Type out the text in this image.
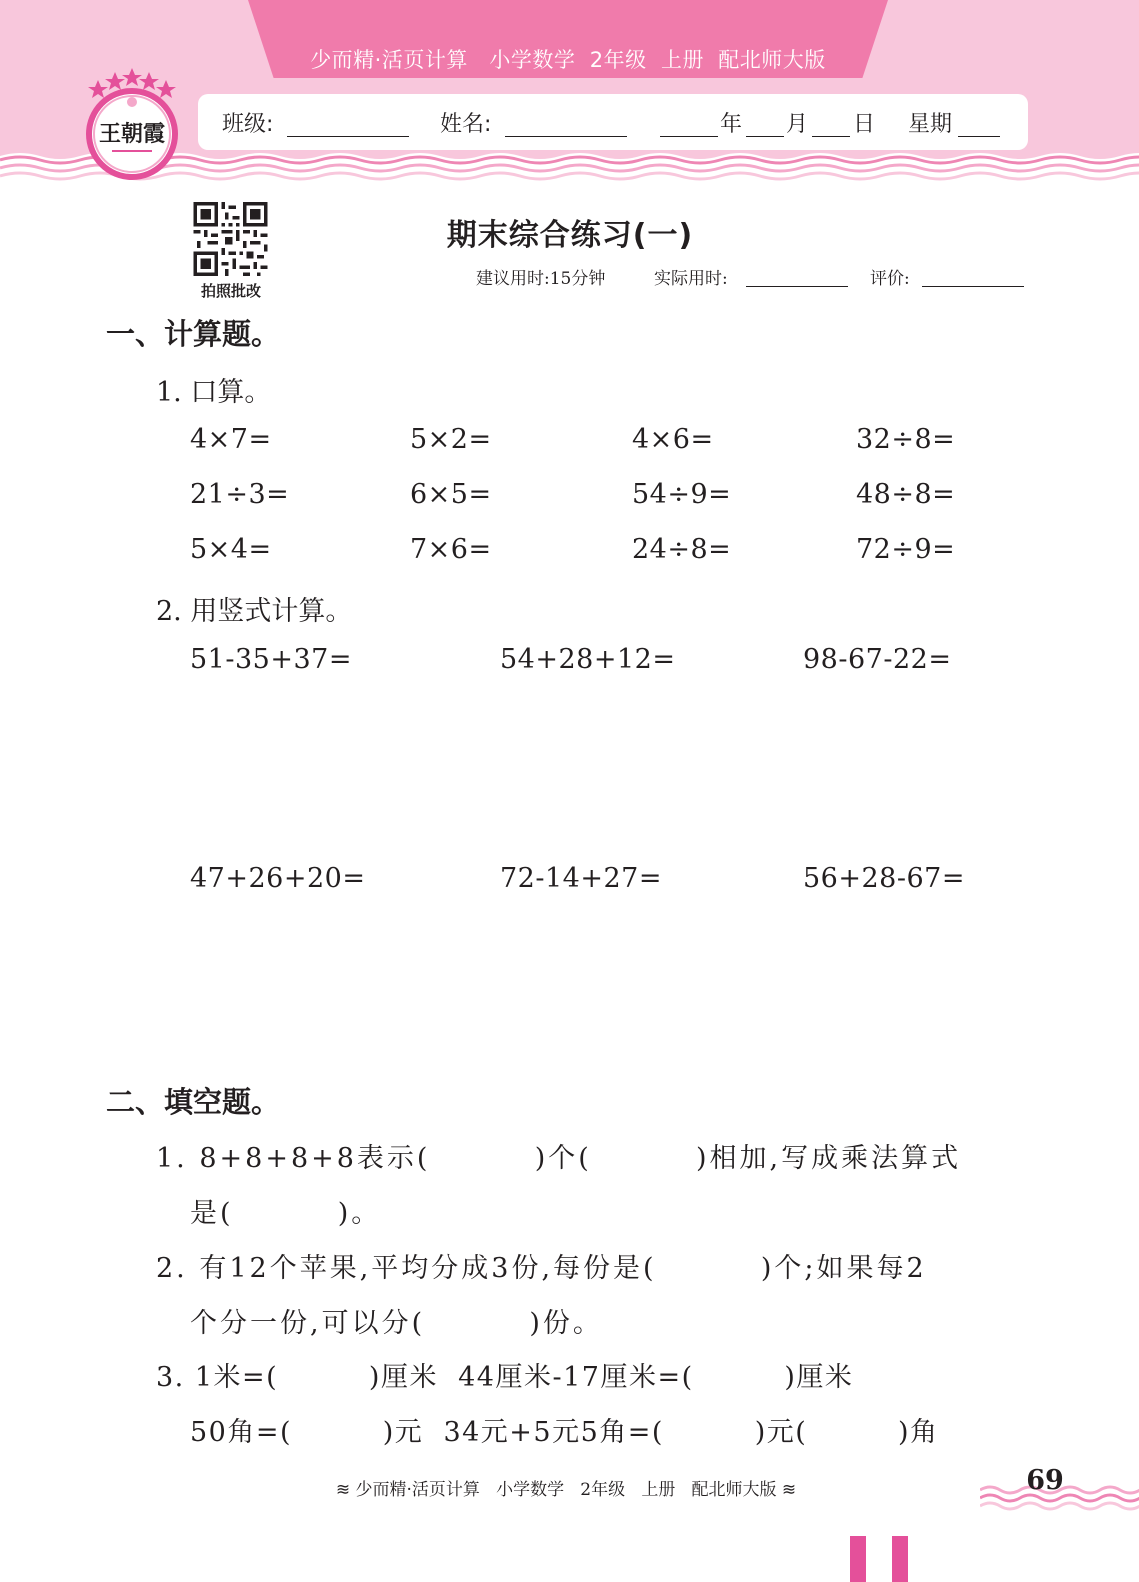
少而精·活页计算   小学数学  2年级  上册  配北师大版
班级:	姓名:	年 月 日 星期
王朝霞
拍照批改
期末综合练习(一)
建议用时:15分钟	实际用时:	评价:
一、计算题。
1. 口算。
4×7=	5×2=	4×6=	32÷8=
21÷3=	6×5=	54÷9=	48÷8=
5×4=	7×6=	24÷8=	72÷9=
2. 用竖式计算。
51-35+37=	54+28+12=	98-67-22=
47+26+20=	72-14+27=	56+28-67=
二、填空题。
1. 8+8+8+8表示(         )个(         )相加,写成乘法算式
是(         )。
2. 有12个苹果,平均分成3份,每份是(         )个;如果每2
个分一份,可以分(         )份。
3. 1米=(         )厘米  44厘米-17厘米=(         )厘米
50角=(         )元  34元+5元5角=(         )元(         )角
≋ 少而精·活页计算   小学数学   2年级   上册   配北师大版 ≋	69
